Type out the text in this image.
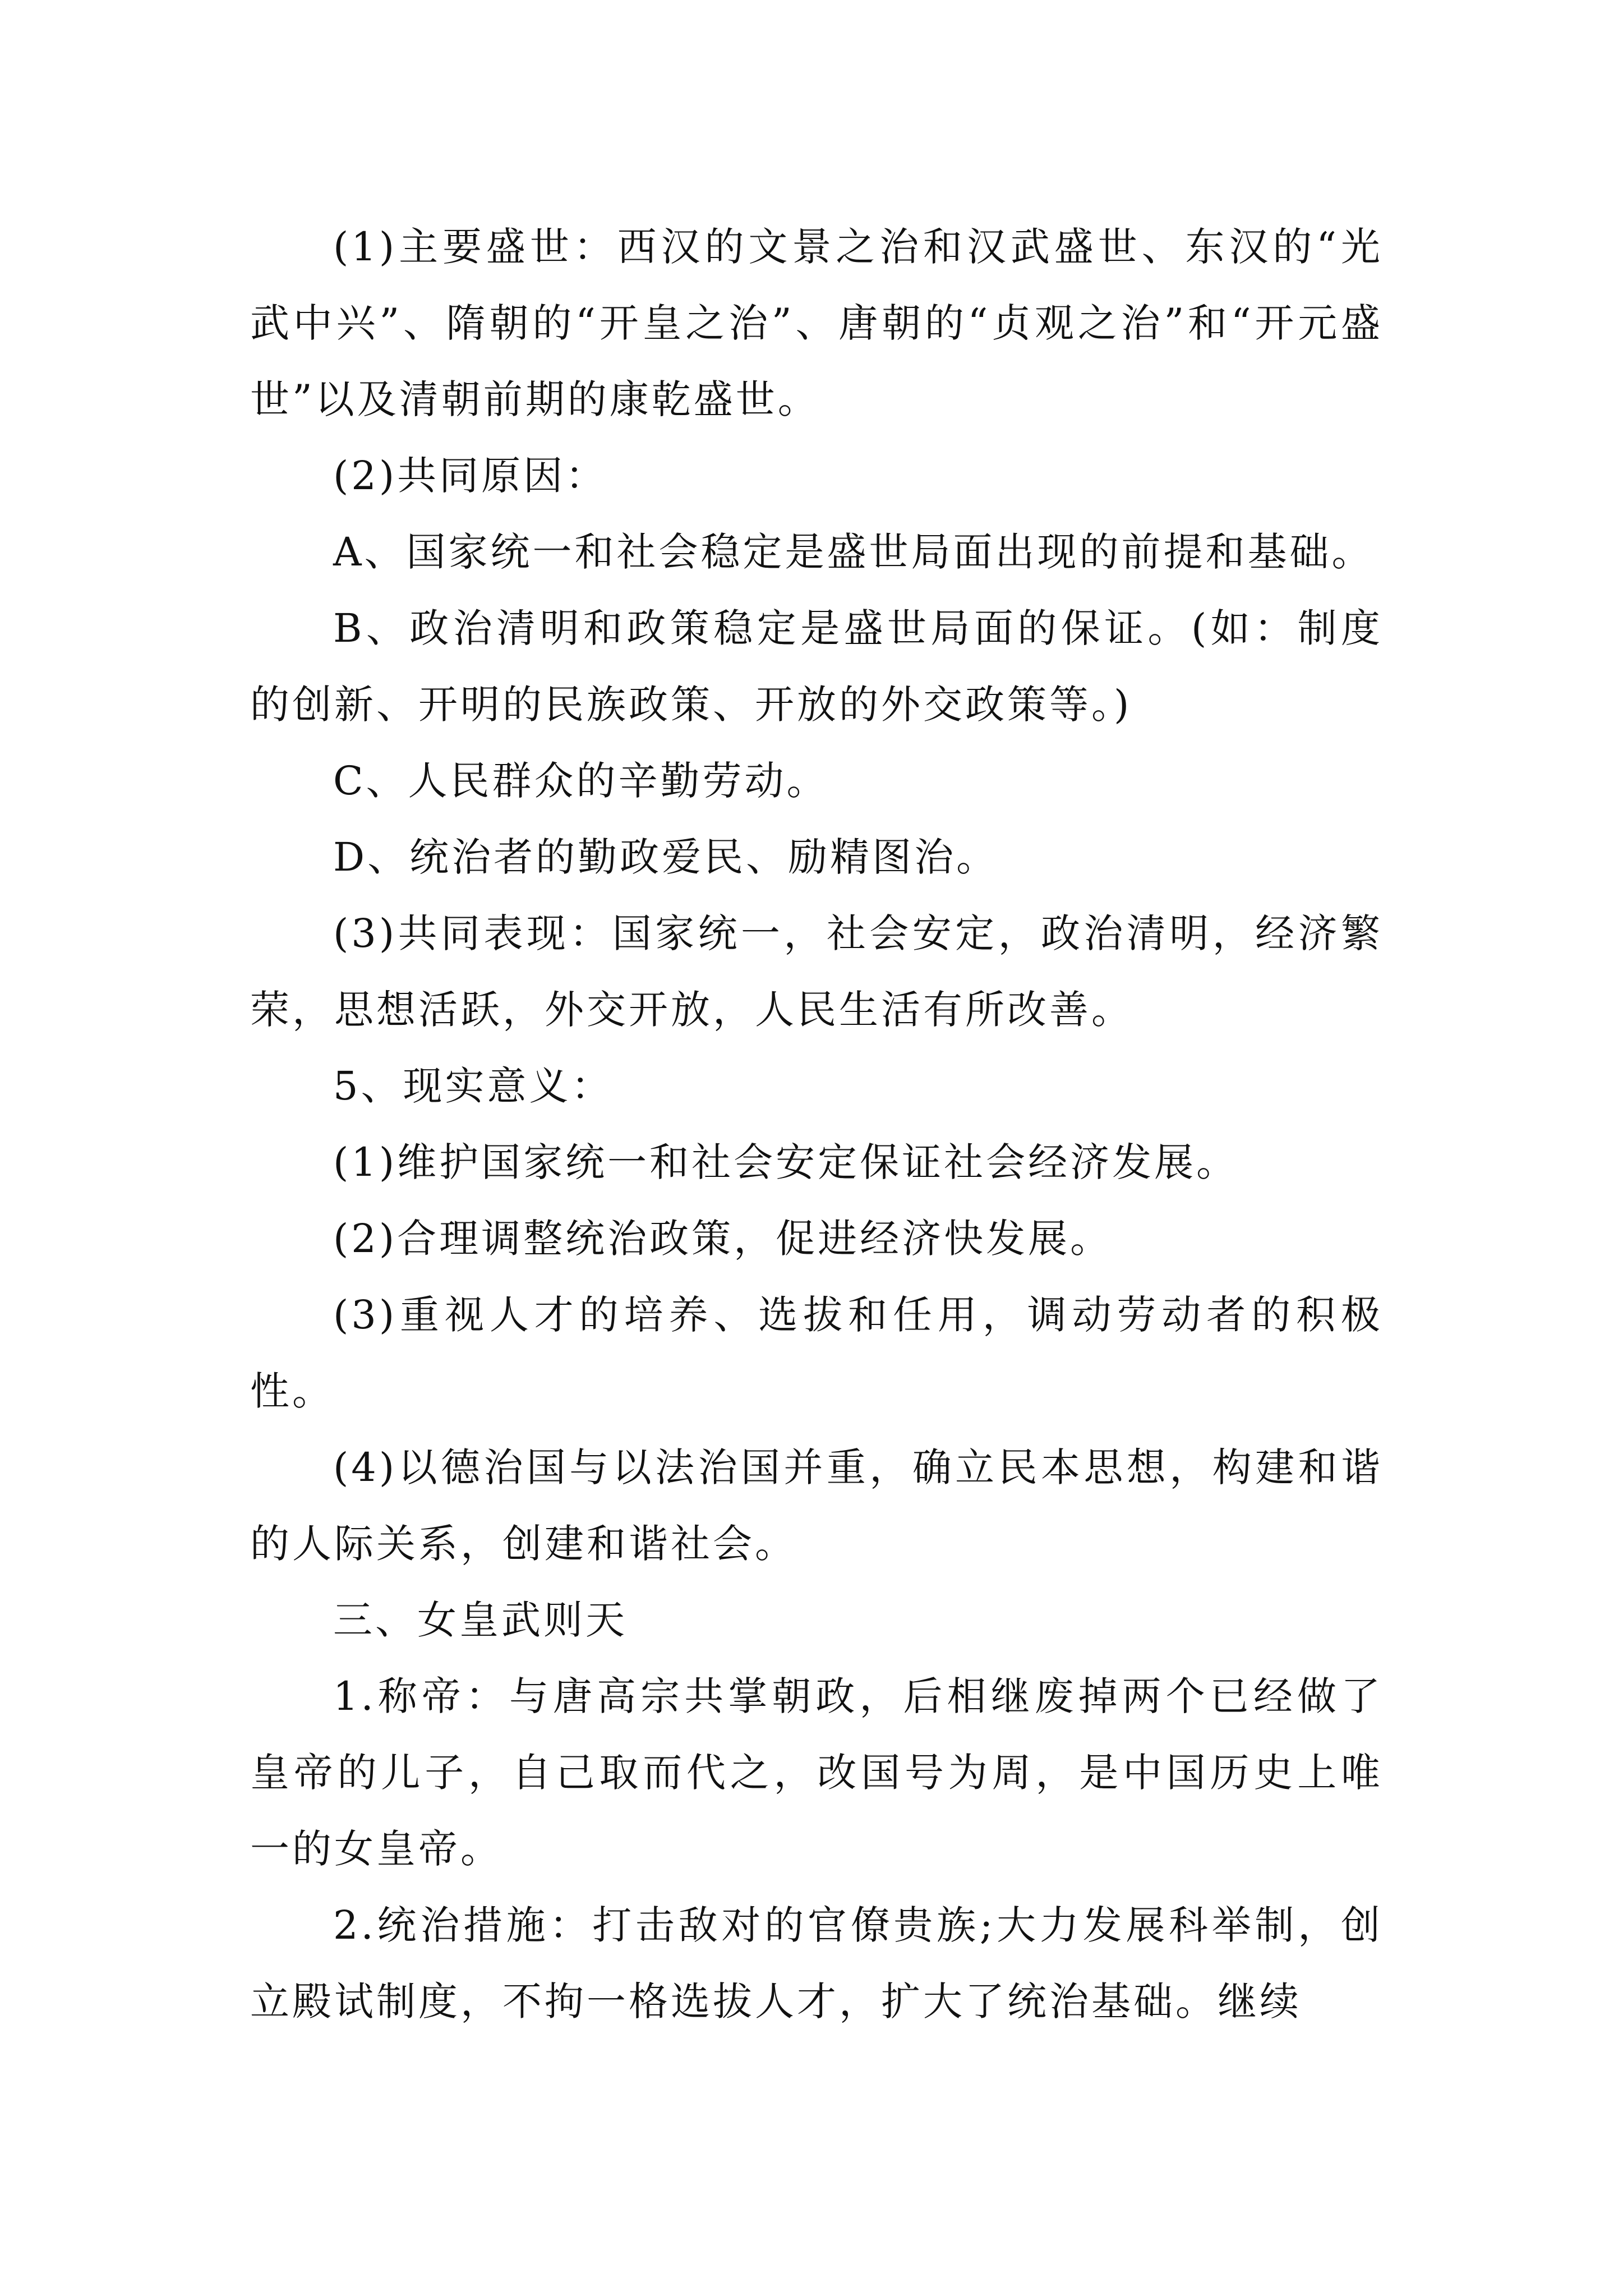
(1)主要盛世：西汉的文景之治和汉武盛世、东汉的“光武中兴”、隋朝的“开皇之治”、唐朝的“贞观之治”和“开元盛世”以及清朝前期的康乾盛世。

(2)共同原因：

A、国家统一和社会稳定是盛世局面出现的前提和基础。

B、政治清明和政策稳定是盛世局面的保证。(如：制度的创新、开明的民族政策、开放的外交政策等。)

C、人民群众的辛勤劳动。

D、统治者的勤政爱民、励精图治。

(3)共同表现：国家统一，社会安定，政治清明，经济繁荣，思想活跃，外交开放，人民生活有所改善。

5、现实意义：

(1)维护国家统一和社会安定保证社会经济发展。

(2)合理调整统治政策，促进经济快发展。

(3)重视人才的培养、选拔和任用，调动劳动者的积极性。

(4)以德治国与以法治国并重，确立民本思想，构建和谐的人际关系，创建和谐社会。

三、女皇武则天

1.称帝：与唐高宗共掌朝政，后相继废掉两个已经做了皇帝的儿子，自己取而代之，改国号为周，是中国历史上唯一的女皇帝。

2.统治措施：打击敌对的官僚贵族;大力发展科举制，创立殿试制度，不拘一格选拔人才，扩大了统治基础。继续
